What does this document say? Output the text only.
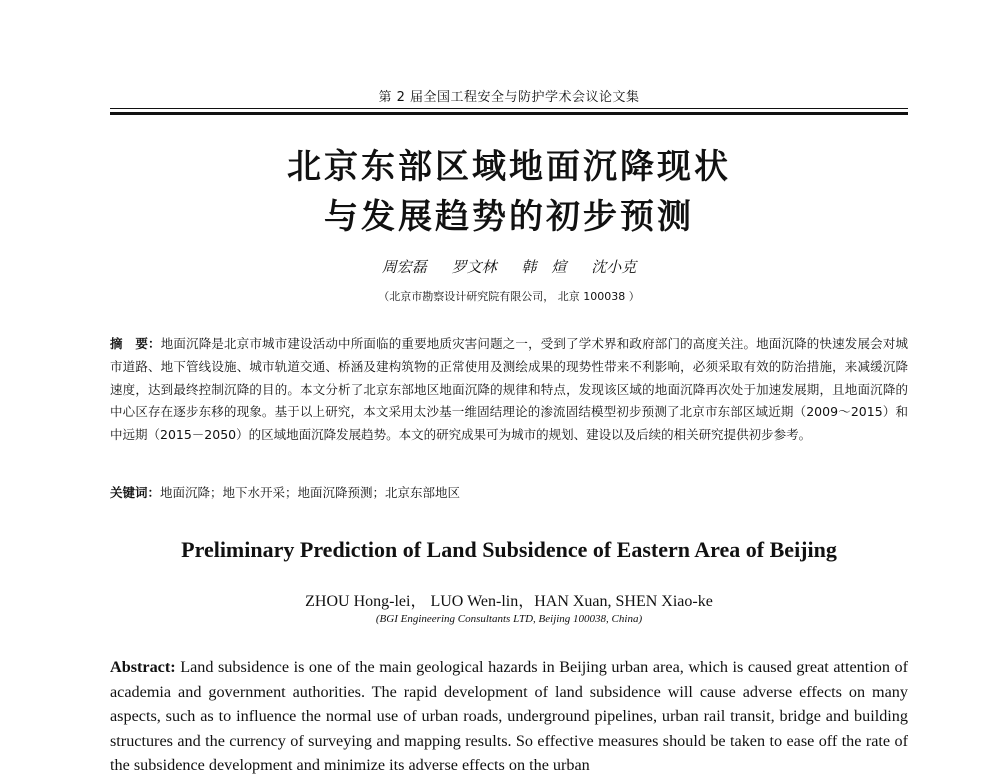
第 2 届全国工程安全与防护学术会议论文集
北京东部区域地面沉降现状
与发展趋势的初步预测
周宏磊 罗文林 韩　煊 沈小克
（北京市勘察设计研究院有限公司， 北京 100038 ）

摘　要：地面沉降是北京市城市建设活动中所面临的重要地质灾害问题之一，受到了学术界和政府部门的高度关注。地面沉降的快速发展会对城市道路、地下管线设施、城市轨道交通、桥涵及建构筑物的正常使用及测绘成果的现势性带来不利影响，必须采取有效的防治措施，来减缓沉降速度，达到最终控制沉降的目的。本文分析了北京东部地区地面沉降的规律和特点，发现该区域的地面沉降再次处于加速发展期，且地面沉降的中心区存在逐步东移的现象。基于以上研究，本文采用太沙基一维固结理论的渗流固结模型初步预测了北京市东部区域近期（2009～2015）和中远期（2015－2050）的区域地面沉降发展趋势。本文的研究成果可为城市的规划、建设以及后续的相关研究提供初步参考。

关键词：地面沉降；地下水开采；地面沉降预测；北京东部地区
Preliminary Prediction of Land Subsidence of Eastern Area of Beijing
ZHOU Hong-lei， LUO Wen-lin，HAN Xuan, SHEN Xiao-ke
(BGI Engineering Consultants LTD, Beijing 100038, China)

Abstract: Land subsidence is one of the main geological hazards in Beijing urban area, which is caused great attention of academia and government authorities. The rapid development of land subsidence will cause adverse effects on many aspects, such as to influence the normal use of urban roads, underground pipelines, urban rail transit, bridge and building structures and the currency of surveying and mapping results. So effective measures should be taken to ease off the rate of the subsidence development and minimize its adverse effects on the urban
